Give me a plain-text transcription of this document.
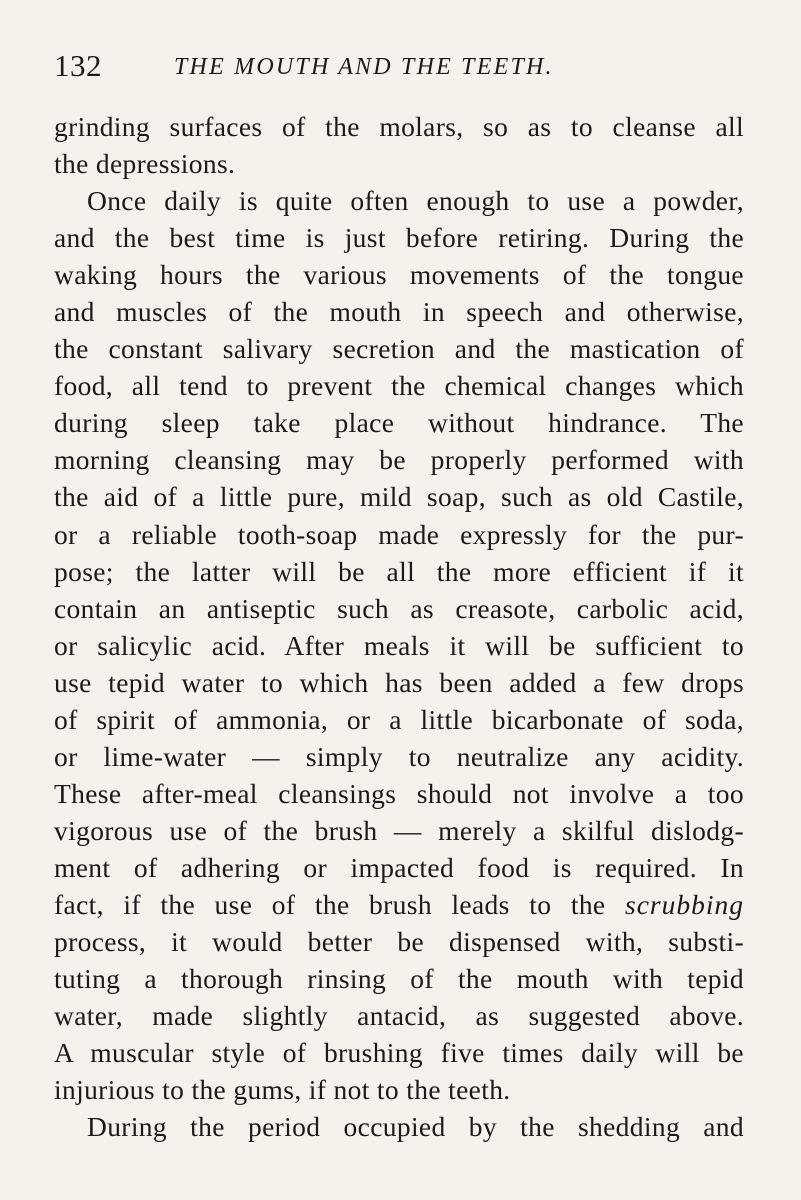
132	THE MOUTH AND THE TEETH.
grinding surfaces of the molars, so as to cleanse all
the depressions.
Once daily is quite often enough to use a powder,
and the best time is just before retiring. During the
waking hours the various movements of the tongue
and muscles of the mouth in speech and otherwise,
the constant salivary secretion and the mastication of
food, all tend to prevent the chemical changes which
during sleep take place without hindrance. The
morning cleansing may be properly performed with
the aid of a little pure, mild soap, such as old Castile,
or a reliable tooth-soap made expressly for the pur-
pose; the latter will be all the more efficient if it
contain an antiseptic such as creasote, carbolic acid,
or salicylic acid. After meals it will be sufficient to
use tepid water to which has been added a few drops
of spirit of ammonia, or a little bicarbonate of soda,
or lime-water — simply to neutralize any acidity.
These after-meal cleansings should not involve a too
vigorous use of the brush — merely a skilful dislodg-
ment of adhering or impacted food is required. In
fact, if the use of the brush leads to the scrubbing
process, it would better be dispensed with, substi-
tuting a thorough rinsing of the mouth with tepid
water, made slightly antacid, as suggested above.
A muscular style of brushing five times daily will be
injurious to the gums, if not to the teeth.
During the period occupied by the shedding and
